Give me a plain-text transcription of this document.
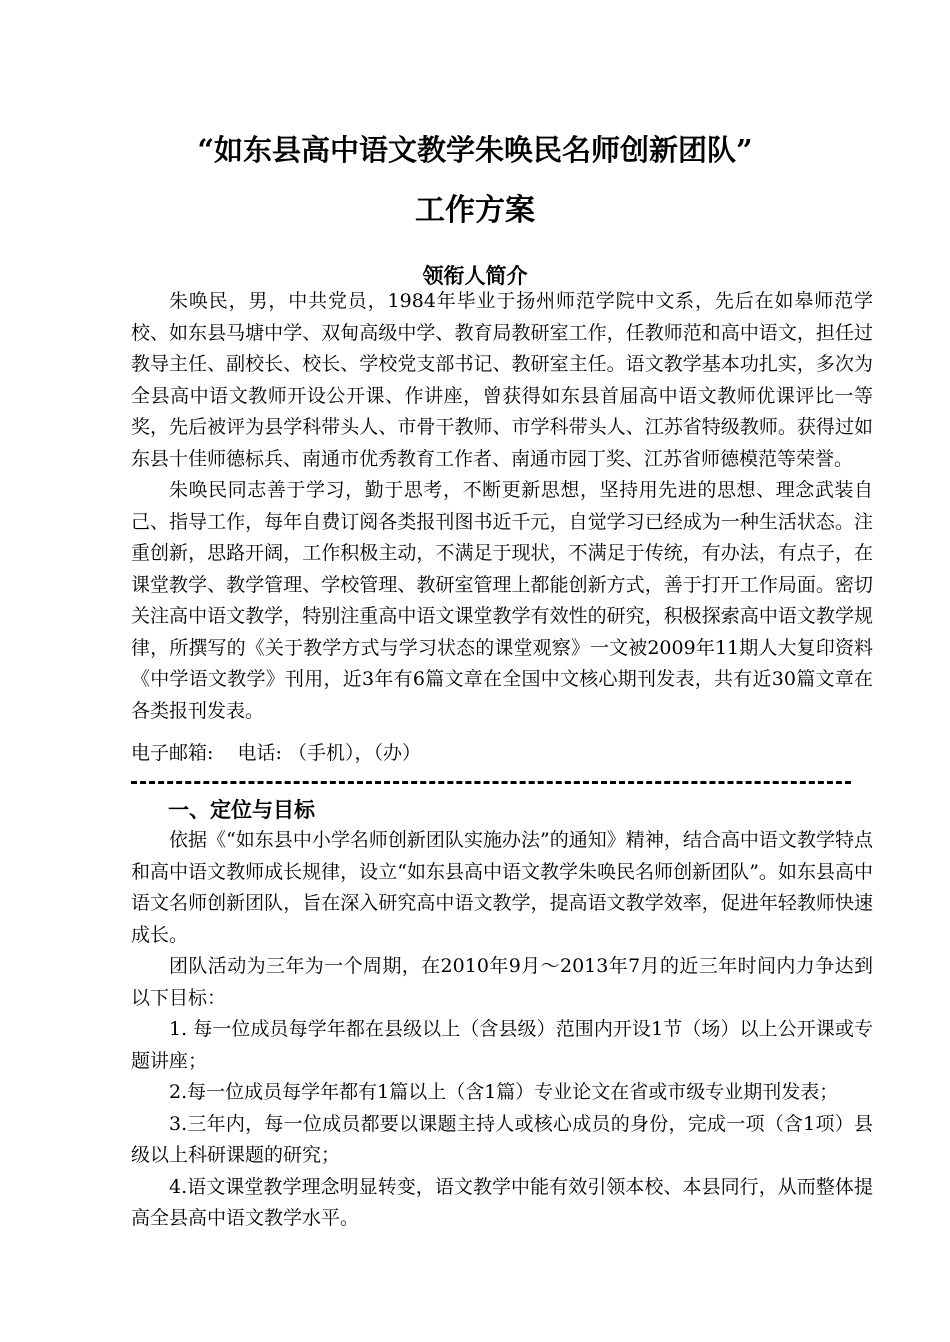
“如东县高中语文教学朱唤民名师创新团队”
工作方案
领衔人简介

朱唤民，男，中共党员，1984年毕业于扬州师范学院中文系，先后在如皋师范学校、如东县马塘中学、双甸高级中学、教育局教研室工作，任教师范和高中语文，担任过教导主任、副校长、校长、学校党支部书记、教研室主任。语文教学基本功扎实，多次为全县高中语文教师开设公开课、作讲座，曾获得如东县首届高中语文教师优课评比一等奖，先后被评为县学科带头人、市骨干教师、市学科带头人、江苏省特级教师。获得过如东县十佳师德标兵、南通市优秀教育工作者、南通市园丁奖、江苏省师德模范等荣誉。

朱唤民同志善于学习，勤于思考，不断更新思想，坚持用先进的思想、理念武装自己、指导工作，每年自费订阅各类报刊图书近千元，自觉学习已经成为一种生活状态。注重创新，思路开阔，工作积极主动，不满足于现状，不满足于传统，有办法，有点子，在课堂教学、教学管理、学校管理、教研室管理上都能创新方式，善于打开工作局面。密切关注高中语文教学，特别注重高中语文课堂教学有效性的研究，积极探索高中语文教学规律，所撰写的《关于教学方式与学习状态的课堂观察》一文被2009年11期人大复印资料《中学语文教学》刊用，近3年有6篇文章在全国中文核心期刊发表，共有近30篇文章在各类报刊发表。

电子邮箱:    电话: （手机），（办）
一、定位与目标

依据《“如东县中小学名师创新团队实施办法”的通知》精神，结合高中语文教学特点和高中语文教师成长规律，设立“如东县高中语文教学朱唤民名师创新团队”。如东县高中语文名师创新团队，旨在深入研究高中语文教学，提高语文教学效率，促进年轻教师快速成长。

团队活动为三年为一个周期，在2010年9月～2013年7月的近三年时间内力争达到以下目标：

1. 每一位成员每学年都在县级以上（含县级）范围内开设1节（场）以上公开课或专题讲座；

2.每一位成员每学年都有1篇以上（含1篇）专业论文在省或市级专业期刊发表；

3.三年内，每一位成员都要以课题主持人或核心成员的身份，完成一项（含1项）县级以上科研课题的研究；

4.语文课堂教学理念明显转变，语文教学中能有效引领本校、本县同行，从而整体提高全县高中语文教学水平。
